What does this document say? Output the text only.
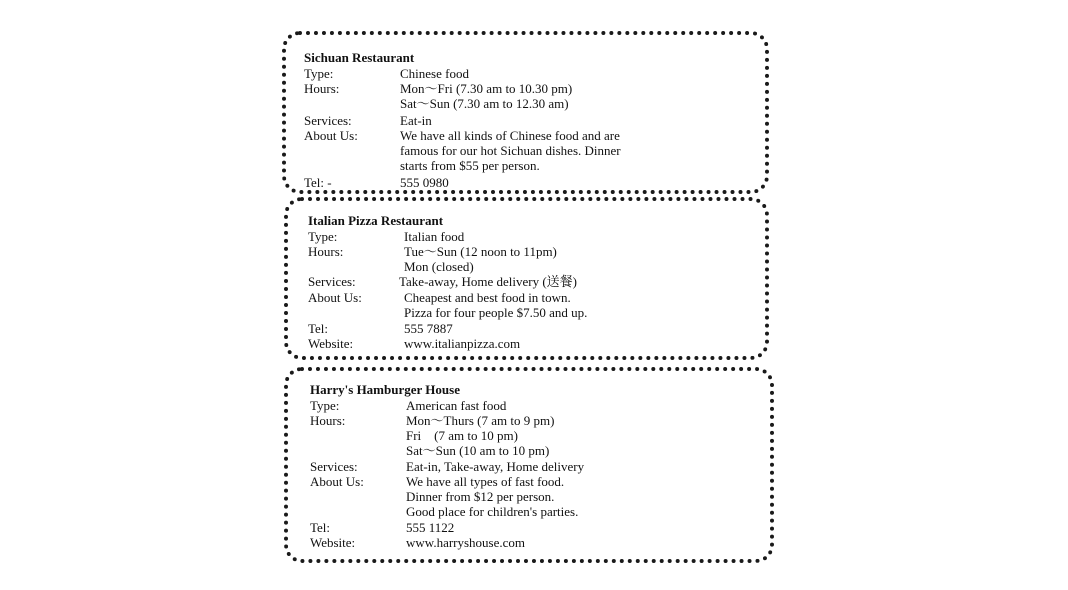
Sichuan Restaurant
Type:	Chinese food
Hours:	Mon～Fri (7.30 am to 10.30 pm)
Sat～Sun (7.30 am to 12.30 am)
Services:	Eat-in
About Us:	We have all kinds of Chinese food and are
famous for our hot Sichuan dishes. Dinner
starts from $55 per person.
Tel: -	555 0980
Italian Pizza Restaurant
Type:	Italian food
Hours:	Tue～Sun (12 noon to 11pm)
Mon (closed)
Services:	Take-away, Home delivery (送餐)
About Us:	Cheapest and best food in town.
Pizza for four people $7.50 and up.
Tel:	555 7887
Website:	www.italianpizza.com
Harry's Hamburger House
Type:	American fast food
Hours:	Mon～Thurs (7 am to 9 pm)
Fri    (7 am to 10 pm)
Sat～Sun (10 am to 10 pm)
Services:	Eat-in, Take-away, Home delivery
About Us:	We have all types of fast food.
Dinner from $12 per person.
Good place for children's parties.
Tel:	555 1122
Website:	www.harryshouse.com
